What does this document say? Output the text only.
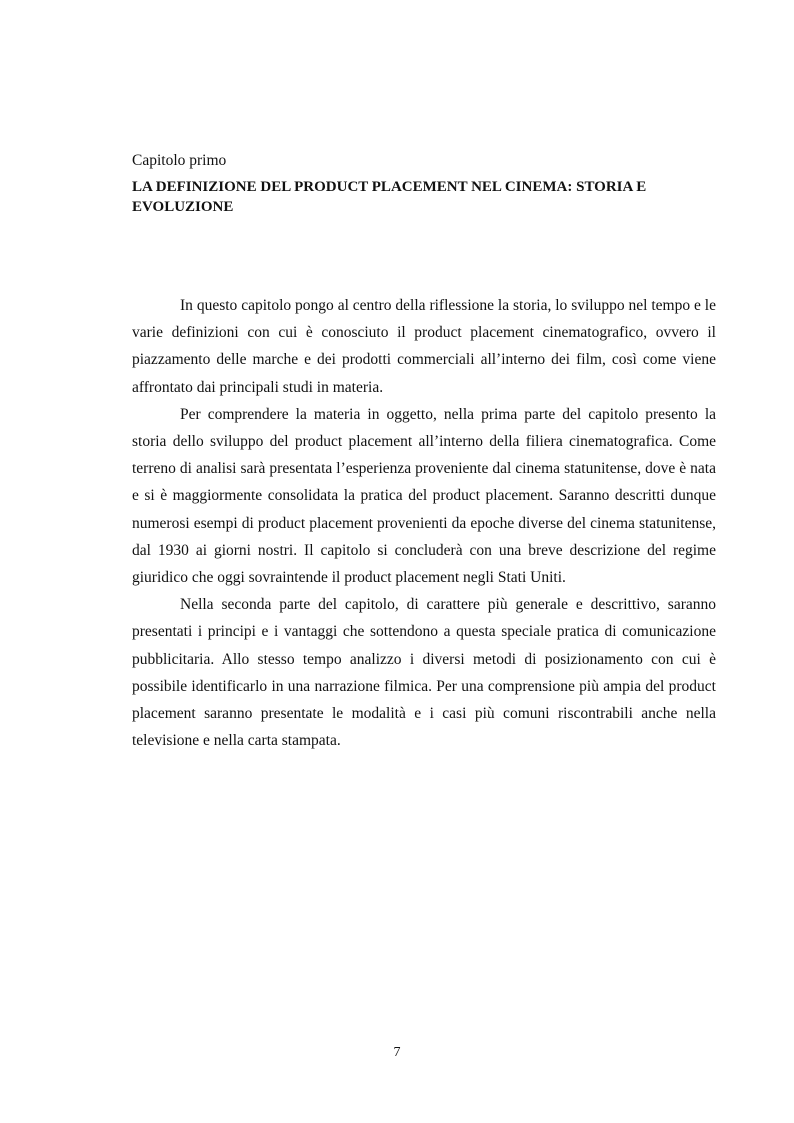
Capitolo primo
LA DEFINIZIONE DEL PRODUCT PLACEMENT NEL CINEMA: STORIA E
EVOLUZIONE

In questo capitolo pongo al centro della riflessione la storia, lo sviluppo nel tempo e le varie definizioni con cui è conosciuto il product placement cinematografico, ovvero il piazzamento delle marche e dei prodotti commerciali all’interno dei film, così come viene affrontato dai principali studi in materia.

Per comprendere la materia in oggetto, nella prima parte del capitolo presento la storia dello sviluppo del product placement all’interno della filiera cinematografica. Come terreno di analisi sarà presentata l’esperienza proveniente dal cinema statunitense, dove è nata e si è maggiormente consolidata la pratica del product placement. Saranno descritti dunque numerosi esempi di product placement provenienti da epoche diverse del cinema statunitense, dal 1930 ai giorni nostri. Il capitolo si concluderà con una breve descrizione del regime giuridico che oggi sovraintende il product placement negli Stati Uniti.

Nella seconda parte del capitolo, di carattere più generale e descrittivo, saranno presentati i principi e i vantaggi che sottendono a questa speciale pratica di comunicazione pubblicitaria. Allo stesso tempo analizzo i diversi metodi di posizionamento con cui è possibile identificarlo in una narrazione filmica. Per una comprensione più ampia del product placement saranno presentate le modalità e i casi più comuni riscontrabili anche nella televisione e nella carta stampata.

7
